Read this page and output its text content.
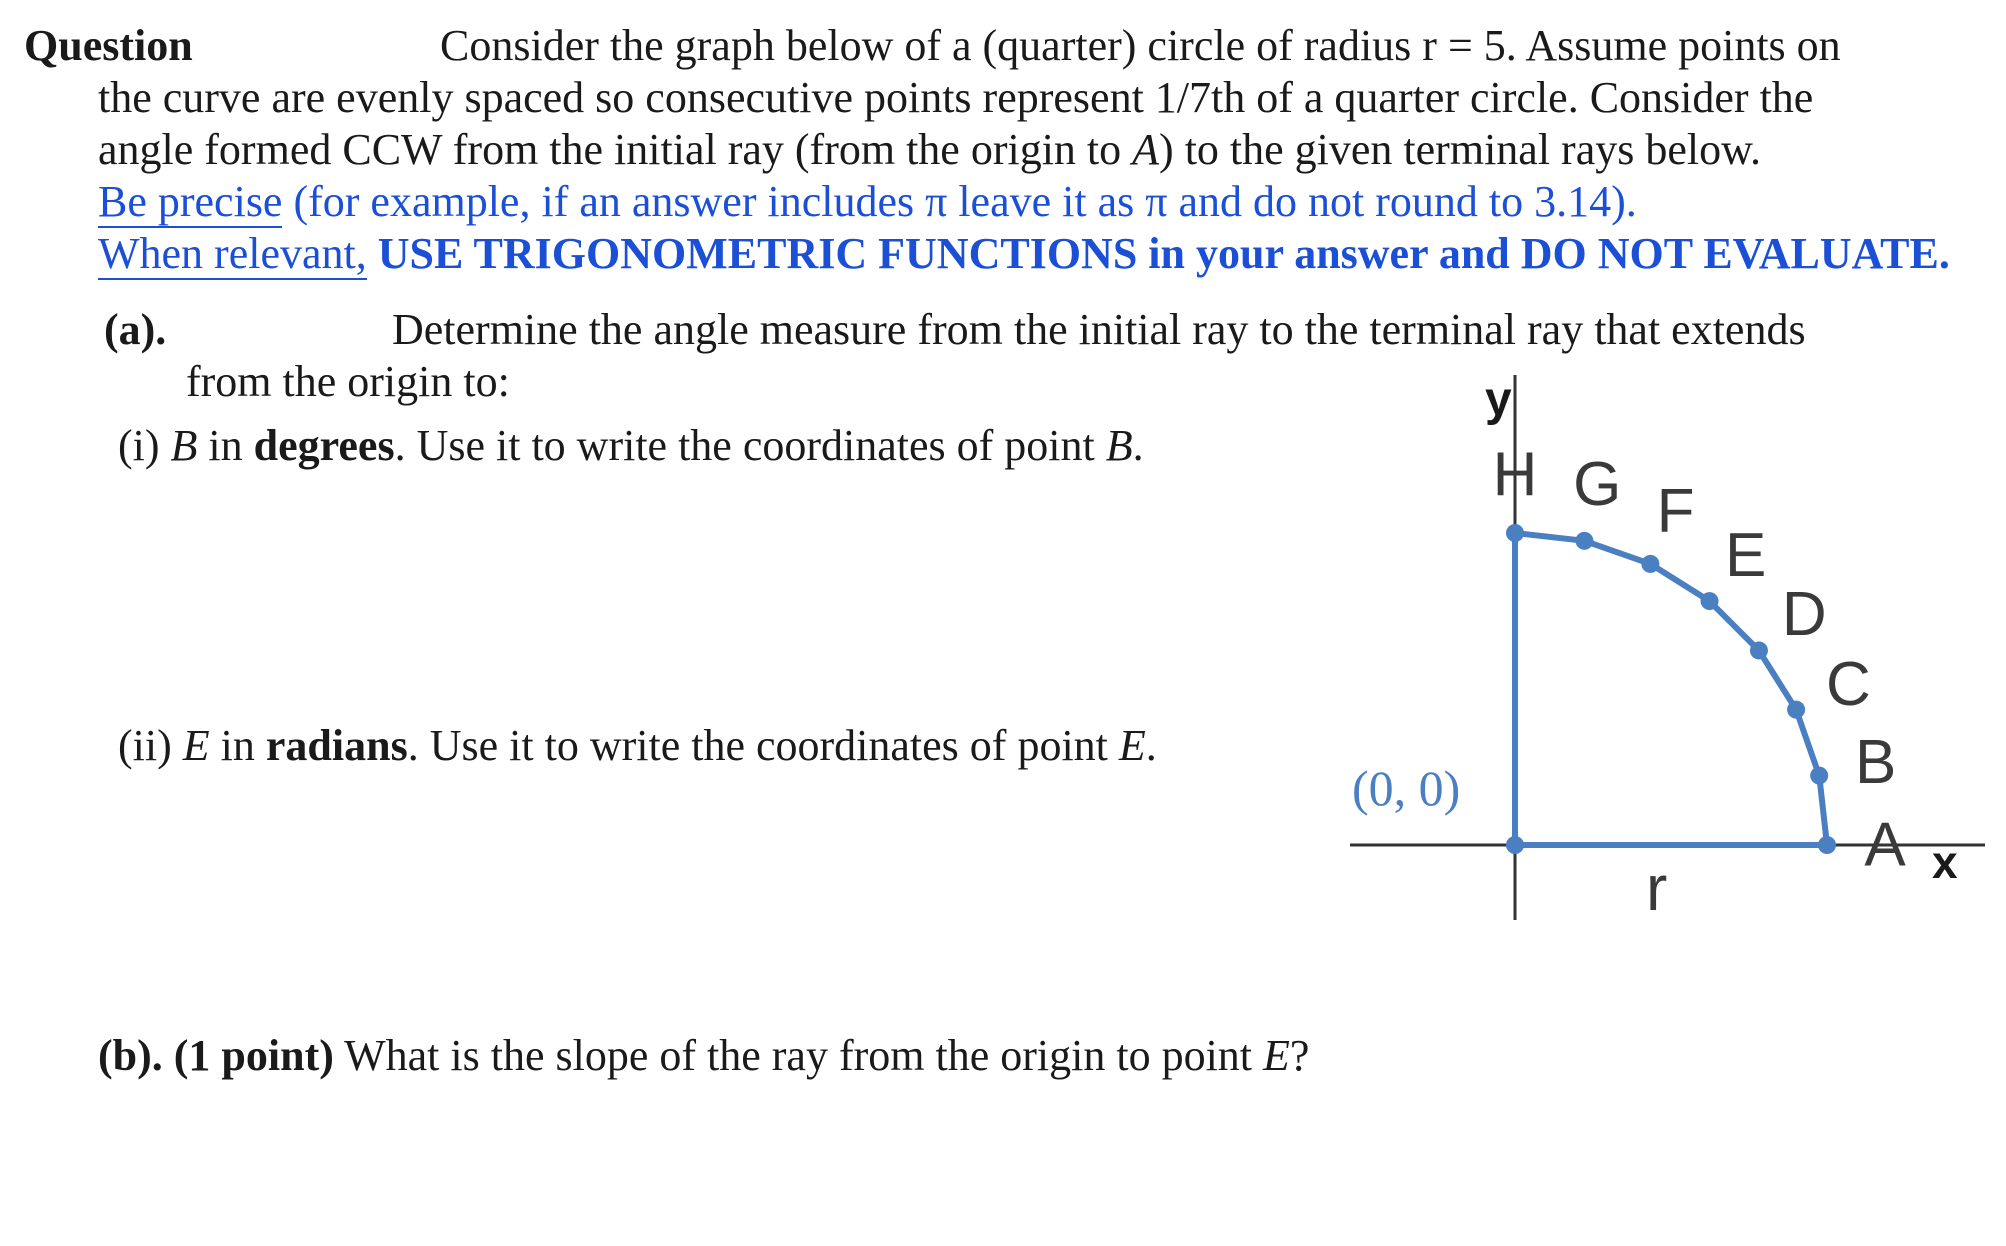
Question	Consider the graph below of a (quarter) circle of radius r = 5. Assume points on
the curve are evenly spaced so consecutive points represent 1/7th of a quarter circle. Consider the
angle formed CCW from the initial ray (from the origin to A) to the given terminal rays below.
Be precise (for example, if an answer includes π leave it as π and do not round to 3.14).
When relevant, USE TRIGONOMETRIC FUNCTIONS in your answer and DO NOT EVALUATE.
(a).	Determine the angle measure from the initial ray to the terminal ray that extends
from the origin to:
(i) B in degrees. Use it to write the coordinates of point B.
(ii) E in radians. Use it to write the coordinates of point E.
(b). (1 point) What is the slope of the ray from the origin to point E?
y
x
(0, 0)
r
A
B
C
D
E
F
G
H
